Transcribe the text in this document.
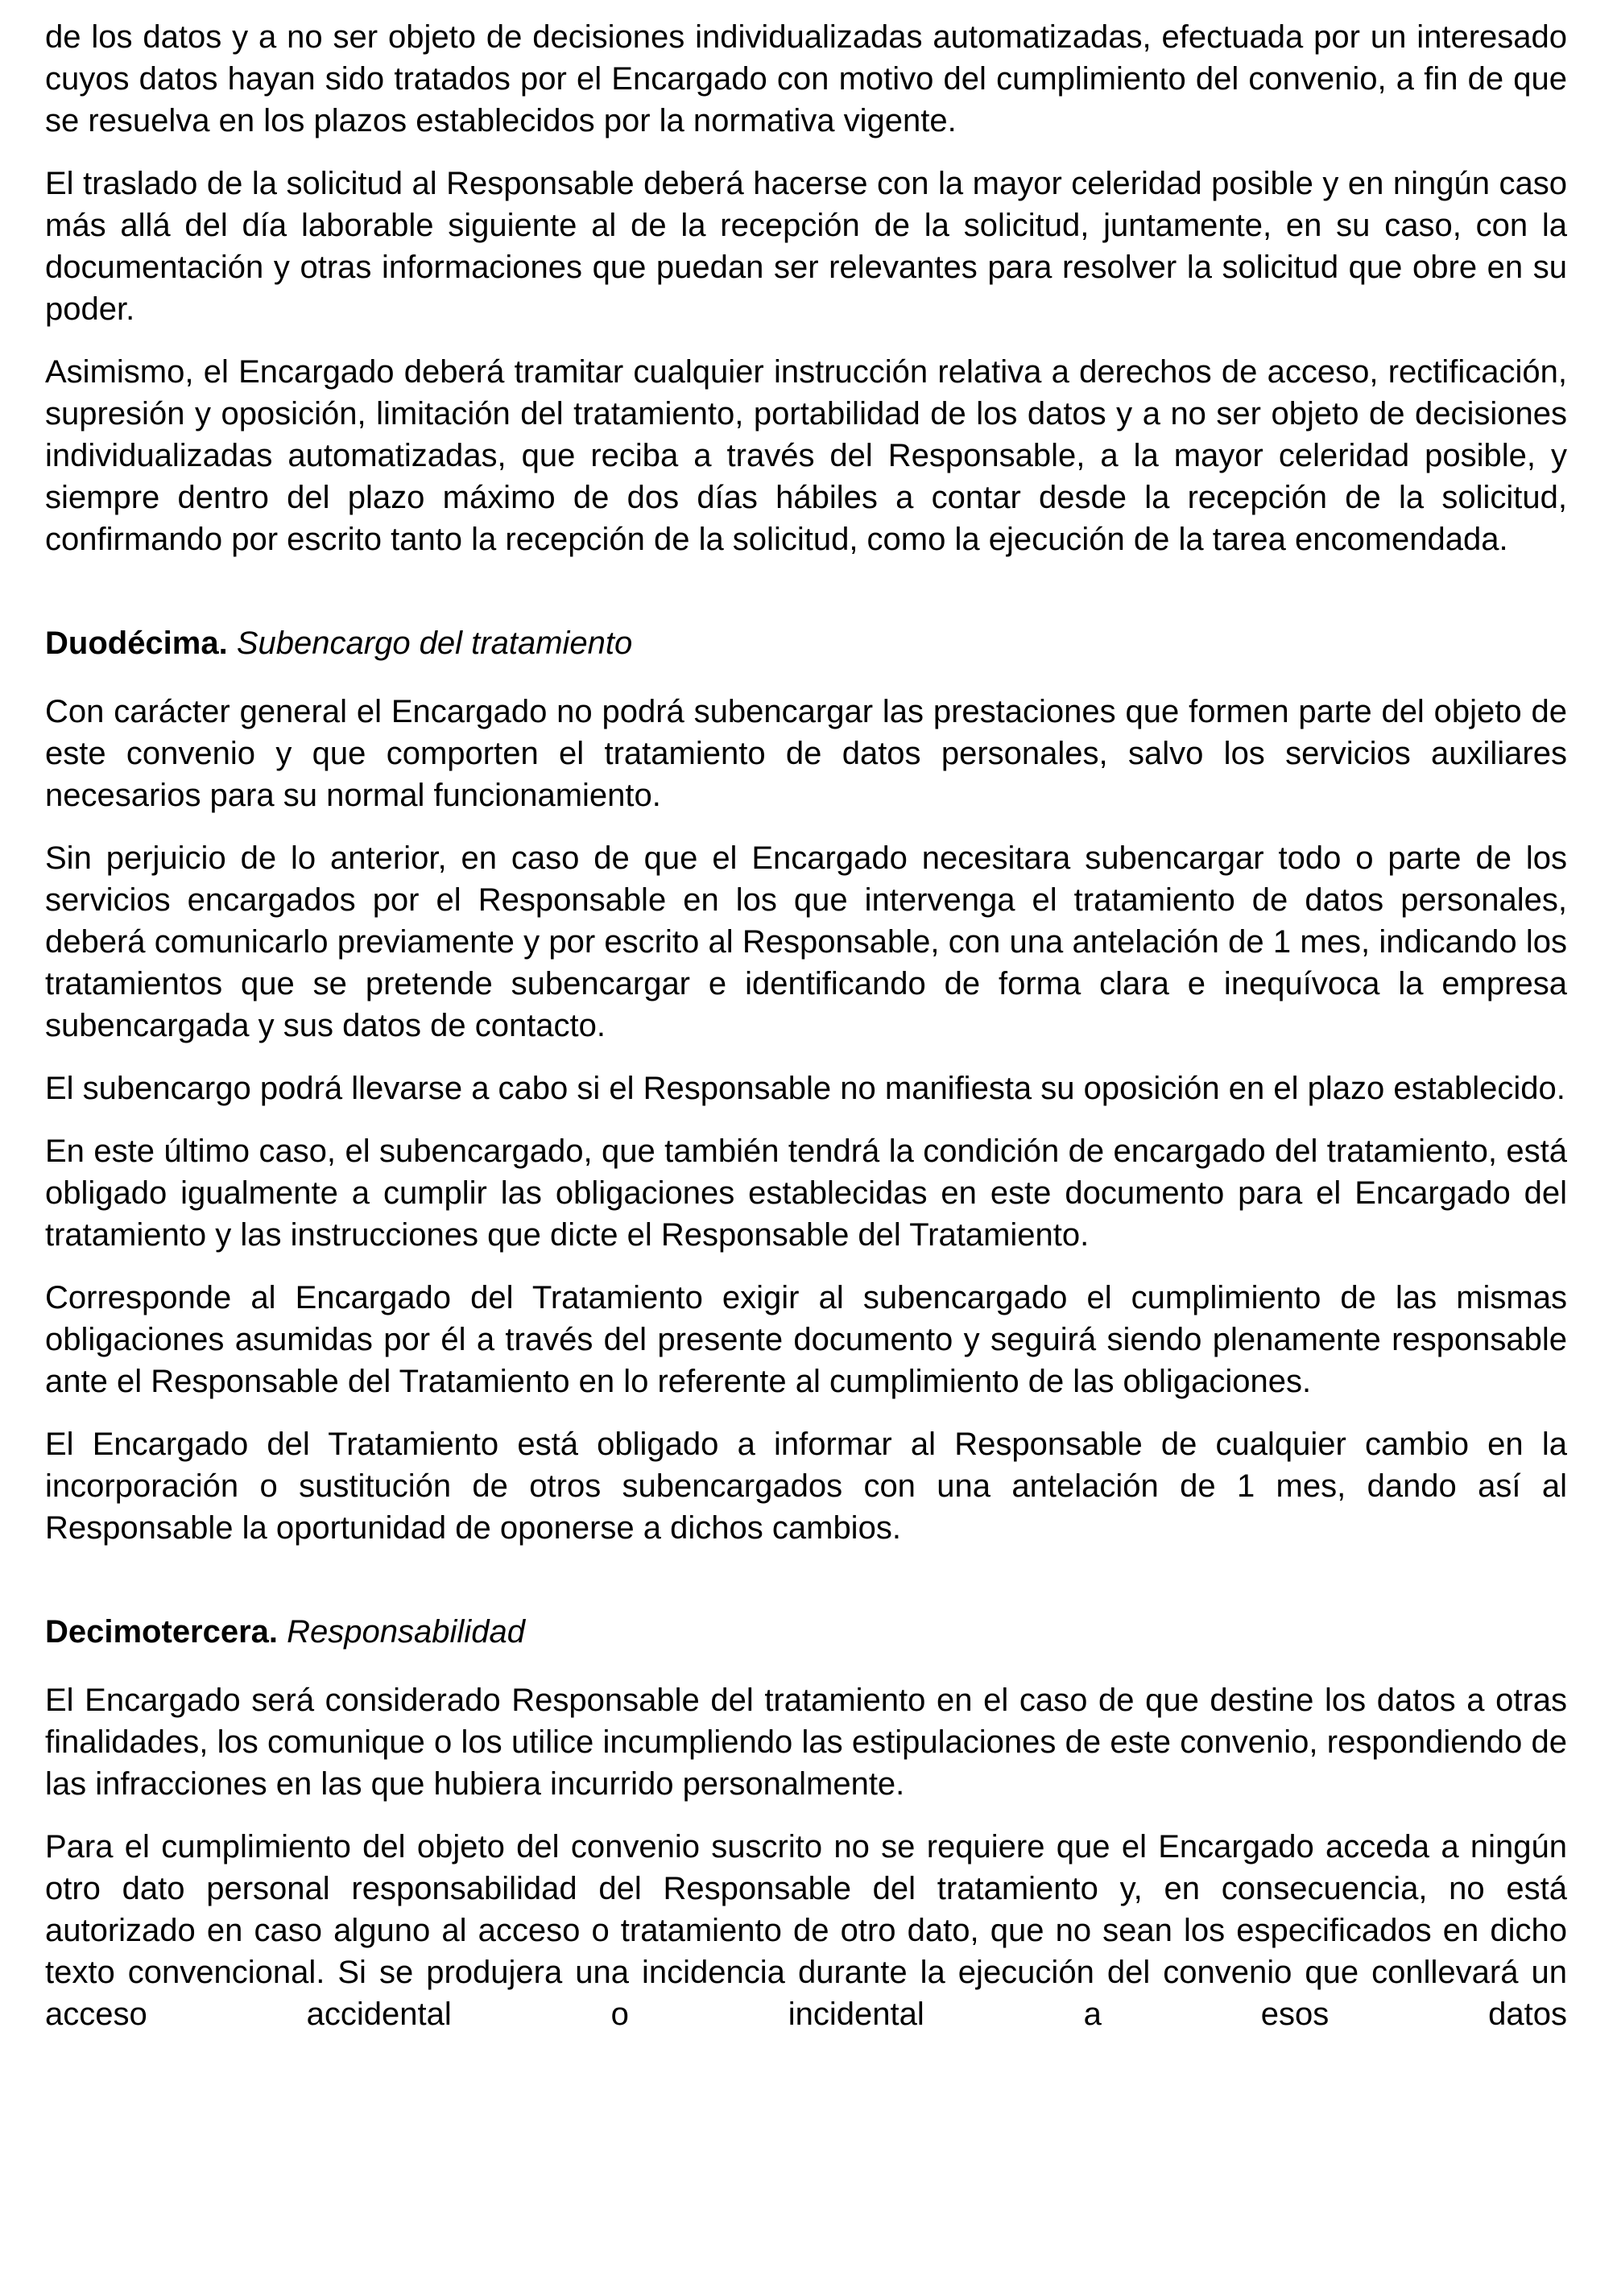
de los datos y a no ser objeto de decisiones individualizadas automatizadas, efectuada por un interesado cuyos datos hayan sido tratados por el Encargado con motivo del cumplimiento del convenio, a fin de que se resuelva en los plazos establecidos por la normativa vigente.

El traslado de la solicitud al Responsable deberá hacerse con la mayor celeridad posible y en ningún caso más allá del día laborable siguiente al de la recepción de la solicitud, juntamente, en su caso, con la documentación y otras informaciones que puedan ser relevantes para resolver la solicitud que obre en su poder.

Asimismo, el Encargado deberá tramitar cualquier instrucción relativa a derechos de acceso, rectificación, supresión y oposición, limitación del tratamiento, portabilidad de los datos y a no ser objeto de decisiones individualizadas automatizadas, que reciba a través del Responsable, a la mayor celeridad posible, y siempre dentro del plazo máximo de dos días hábiles a contar desde la recepción de la solicitud, confirmando por escrito tanto la recepción de la solicitud, como la ejecución de la tarea encomendada.

Duodécima. Subencargo del tratamiento

Con carácter general el Encargado no podrá subencargar las prestaciones que formen parte del objeto de este convenio y que comporten el tratamiento de datos personales, salvo los servicios auxiliares necesarios para su normal funcionamiento.

Sin perjuicio de lo anterior, en caso de que el Encargado necesitara subencargar todo o parte de los servicios encargados por el Responsable en los que intervenga el tratamiento de datos personales, deberá comunicarlo previamente y por escrito al Responsable, con una antelación de 1 mes, indicando los tratamientos que se pretende subencargar e identificando de forma clara e inequívoca la empresa subencargada y sus datos de contacto.

El subencargo podrá llevarse a cabo si el Responsable no manifiesta su oposición en el plazo establecido.

En este último caso, el subencargado, que también tendrá la condición de encargado del tratamiento, está obligado igualmente a cumplir las obligaciones establecidas en este documento para el Encargado del tratamiento y las instrucciones que dicte el Responsable del Tratamiento.

Corresponde al Encargado del Tratamiento exigir al subencargado el cumplimiento de las mismas obligaciones asumidas por él a través del presente documento y seguirá siendo plenamente responsable ante el Responsable del Tratamiento en lo referente al cumplimiento de las obligaciones.

El Encargado del Tratamiento está obligado a informar al Responsable de cualquier cambio en la incorporación o sustitución de otros subencargados con una antelación de 1 mes, dando así al Responsable la oportunidad de oponerse a dichos cambios.

Decimotercera. Responsabilidad

El Encargado será considerado Responsable del tratamiento en el caso de que destine los datos a otras finalidades, los comunique o los utilice incumpliendo las estipulaciones de este convenio, respondiendo de las infracciones en las que hubiera incurrido personalmente.

Para el cumplimiento del objeto del convenio suscrito no se requiere que el Encargado acceda a ningún otro dato personal responsabilidad del Responsable del tratamiento y, en consecuencia, no está autorizado en caso alguno al acceso o tratamiento de otro dato, que no sean los especificados en dicho texto convencional. Si se produjera una incidencia durante la ejecución del convenio que conllevará un acceso accidental o incidental a esos datos
